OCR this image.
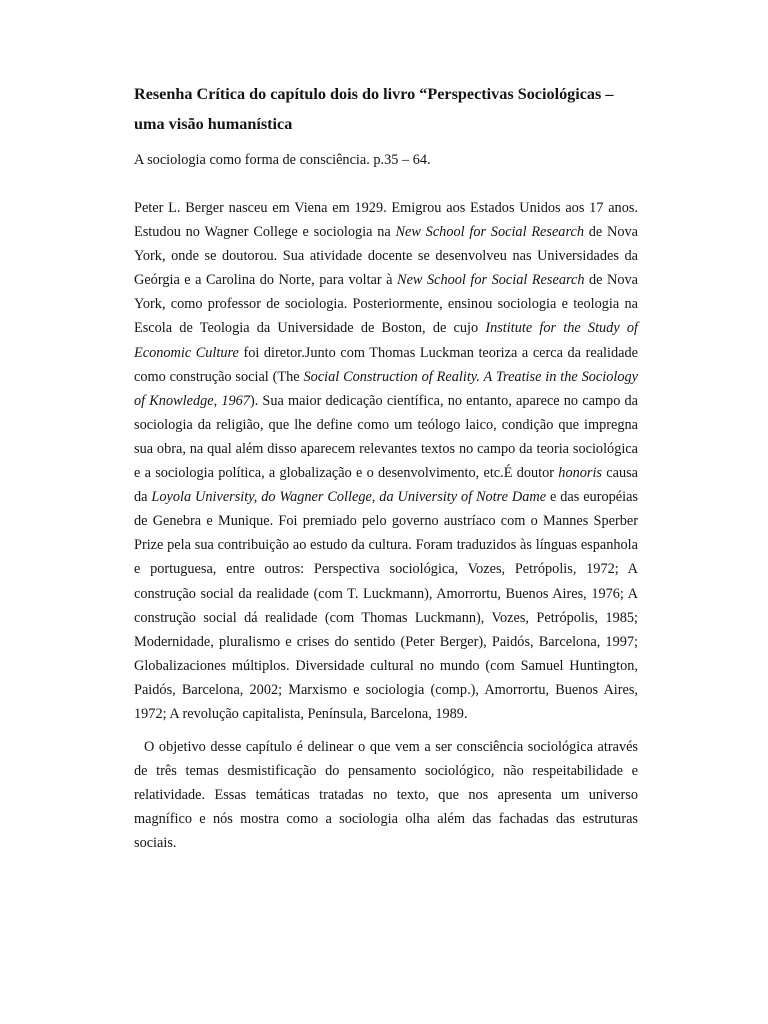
Resenha Crítica do capítulo dois do livro “Perspectivas Sociológicas – uma visão humanística

A sociologia como forma de consciência. p.35 – 64.

Peter L. Berger nasceu em Viena em 1929. Emigrou aos Estados Unidos aos 17 anos. Estudou no Wagner College e sociologia na New School for Social Research de Nova York, onde se doutorou. Sua atividade docente se desenvolveu nas Universidades da Geórgia e a Carolina do Norte, para voltar à New School for Social Research de Nova York, como professor de sociologia. Posteriormente, ensinou sociologia e teologia na Escola de Teologia da Universidade de Boston, de cujo Institute for the Study of Economic Culture foi diretor.Junto com Thomas Luckman teoriza a cerca da realidade como construção social (The Social Construction of Reality. A Treatise in the Sociology of Knowledge, 1967). Sua maior dedicação científica, no entanto, aparece no campo da sociologia da religião, que lhe define como um teólogo laico, condição que impregna sua obra, na qual além disso aparecem relevantes textos no campo da teoria sociológica e a sociologia política, a globalização e o desenvolvimento, etc.É doutor honoris causa da Loyola University, do Wagner College, da University of Notre Dame e das européias de Genebra e Munique. Foi premiado pelo governo austríaco com o Mannes Sperber Prize pela sua contribuição ao estudo da cultura. Foram traduzidos às línguas espanhola e portuguesa, entre outros: Perspectiva sociológica, Vozes, Petrópolis, 1972; A construção social da realidade (com T. Luckmann), Amorrortu, Buenos Aires, 1976; A construção social dá realidade (com Thomas Luckmann), Vozes, Petrópolis, 1985; Modernidade, pluralismo e crises do sentido (Peter Berger), Paidós, Barcelona, 1997; Globalizaciones múltiplos. Diversidade cultural no mundo (com Samuel Huntington, Paidós, Barcelona, 2002; Marxismo e sociologia (comp.), Amorrortu, Buenos Aires, 1972; A revolução capitalista, Península, Barcelona, 1989.

O objetivo desse capítulo é delinear o que vem a ser consciência sociológica através de três temas desmistificação do pensamento sociológico, não respeitabilidade e relatividade. Essas temáticas tratadas no texto, que nos apresenta um universo magnífico e nós mostra como a sociologia olha além das fachadas das estruturas sociais.
